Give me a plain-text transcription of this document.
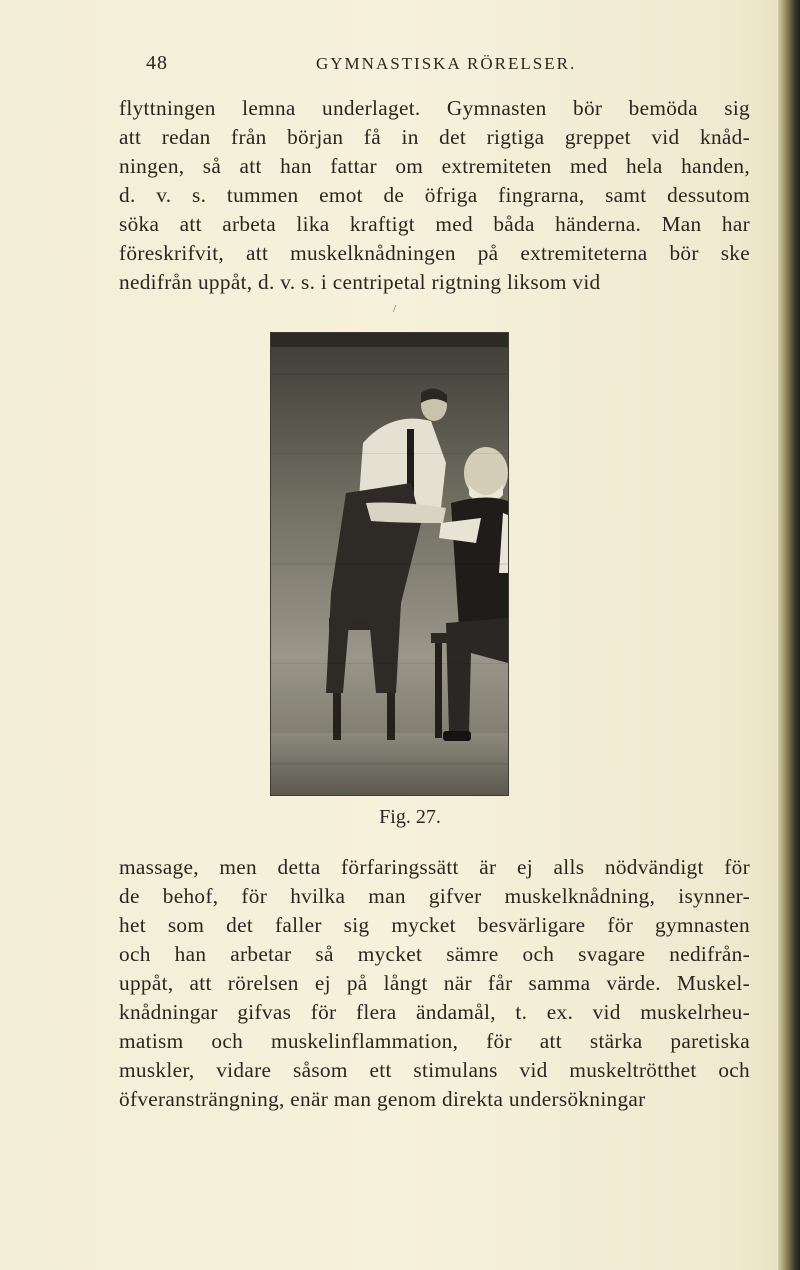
48	GYMNASTISKA RÖRELSER.
flyttningen lemna underlaget. Gymnasten bör bemöda sig
att redan från början få in det rigtiga greppet vid knåd-
ningen, så att han fattar om extremiteten med hela handen,
d. v. s. tummen emot de öfriga fingrarna, samt dessutom
söka att arbeta lika kraftigt med båda händerna. Man har
föreskrifvit, att muskelknådningen på extremiteterna bör ske
nedifrån uppåt, d. v. s. i centripetal rigtning liksom vid
/
Fig. 27.
massage, men detta förfaringssätt är ej alls nödvändigt för
de behof, för hvilka man gifver muskelknådning, isynner-
het som det faller sig mycket besvärligare för gymnasten
och han arbetar så mycket sämre och svagare nedifrån-
uppåt, att rörelsen ej på långt när får samma värde. Muskel-
knådningar gifvas för flera ändamål, t. ex. vid muskelrheu-
matism och muskelinflammation, för att stärka paretiska
muskler, vidare såsom ett stimulans vid muskeltrötthet och
öfveransträngning, enär man genom direkta undersökningar
